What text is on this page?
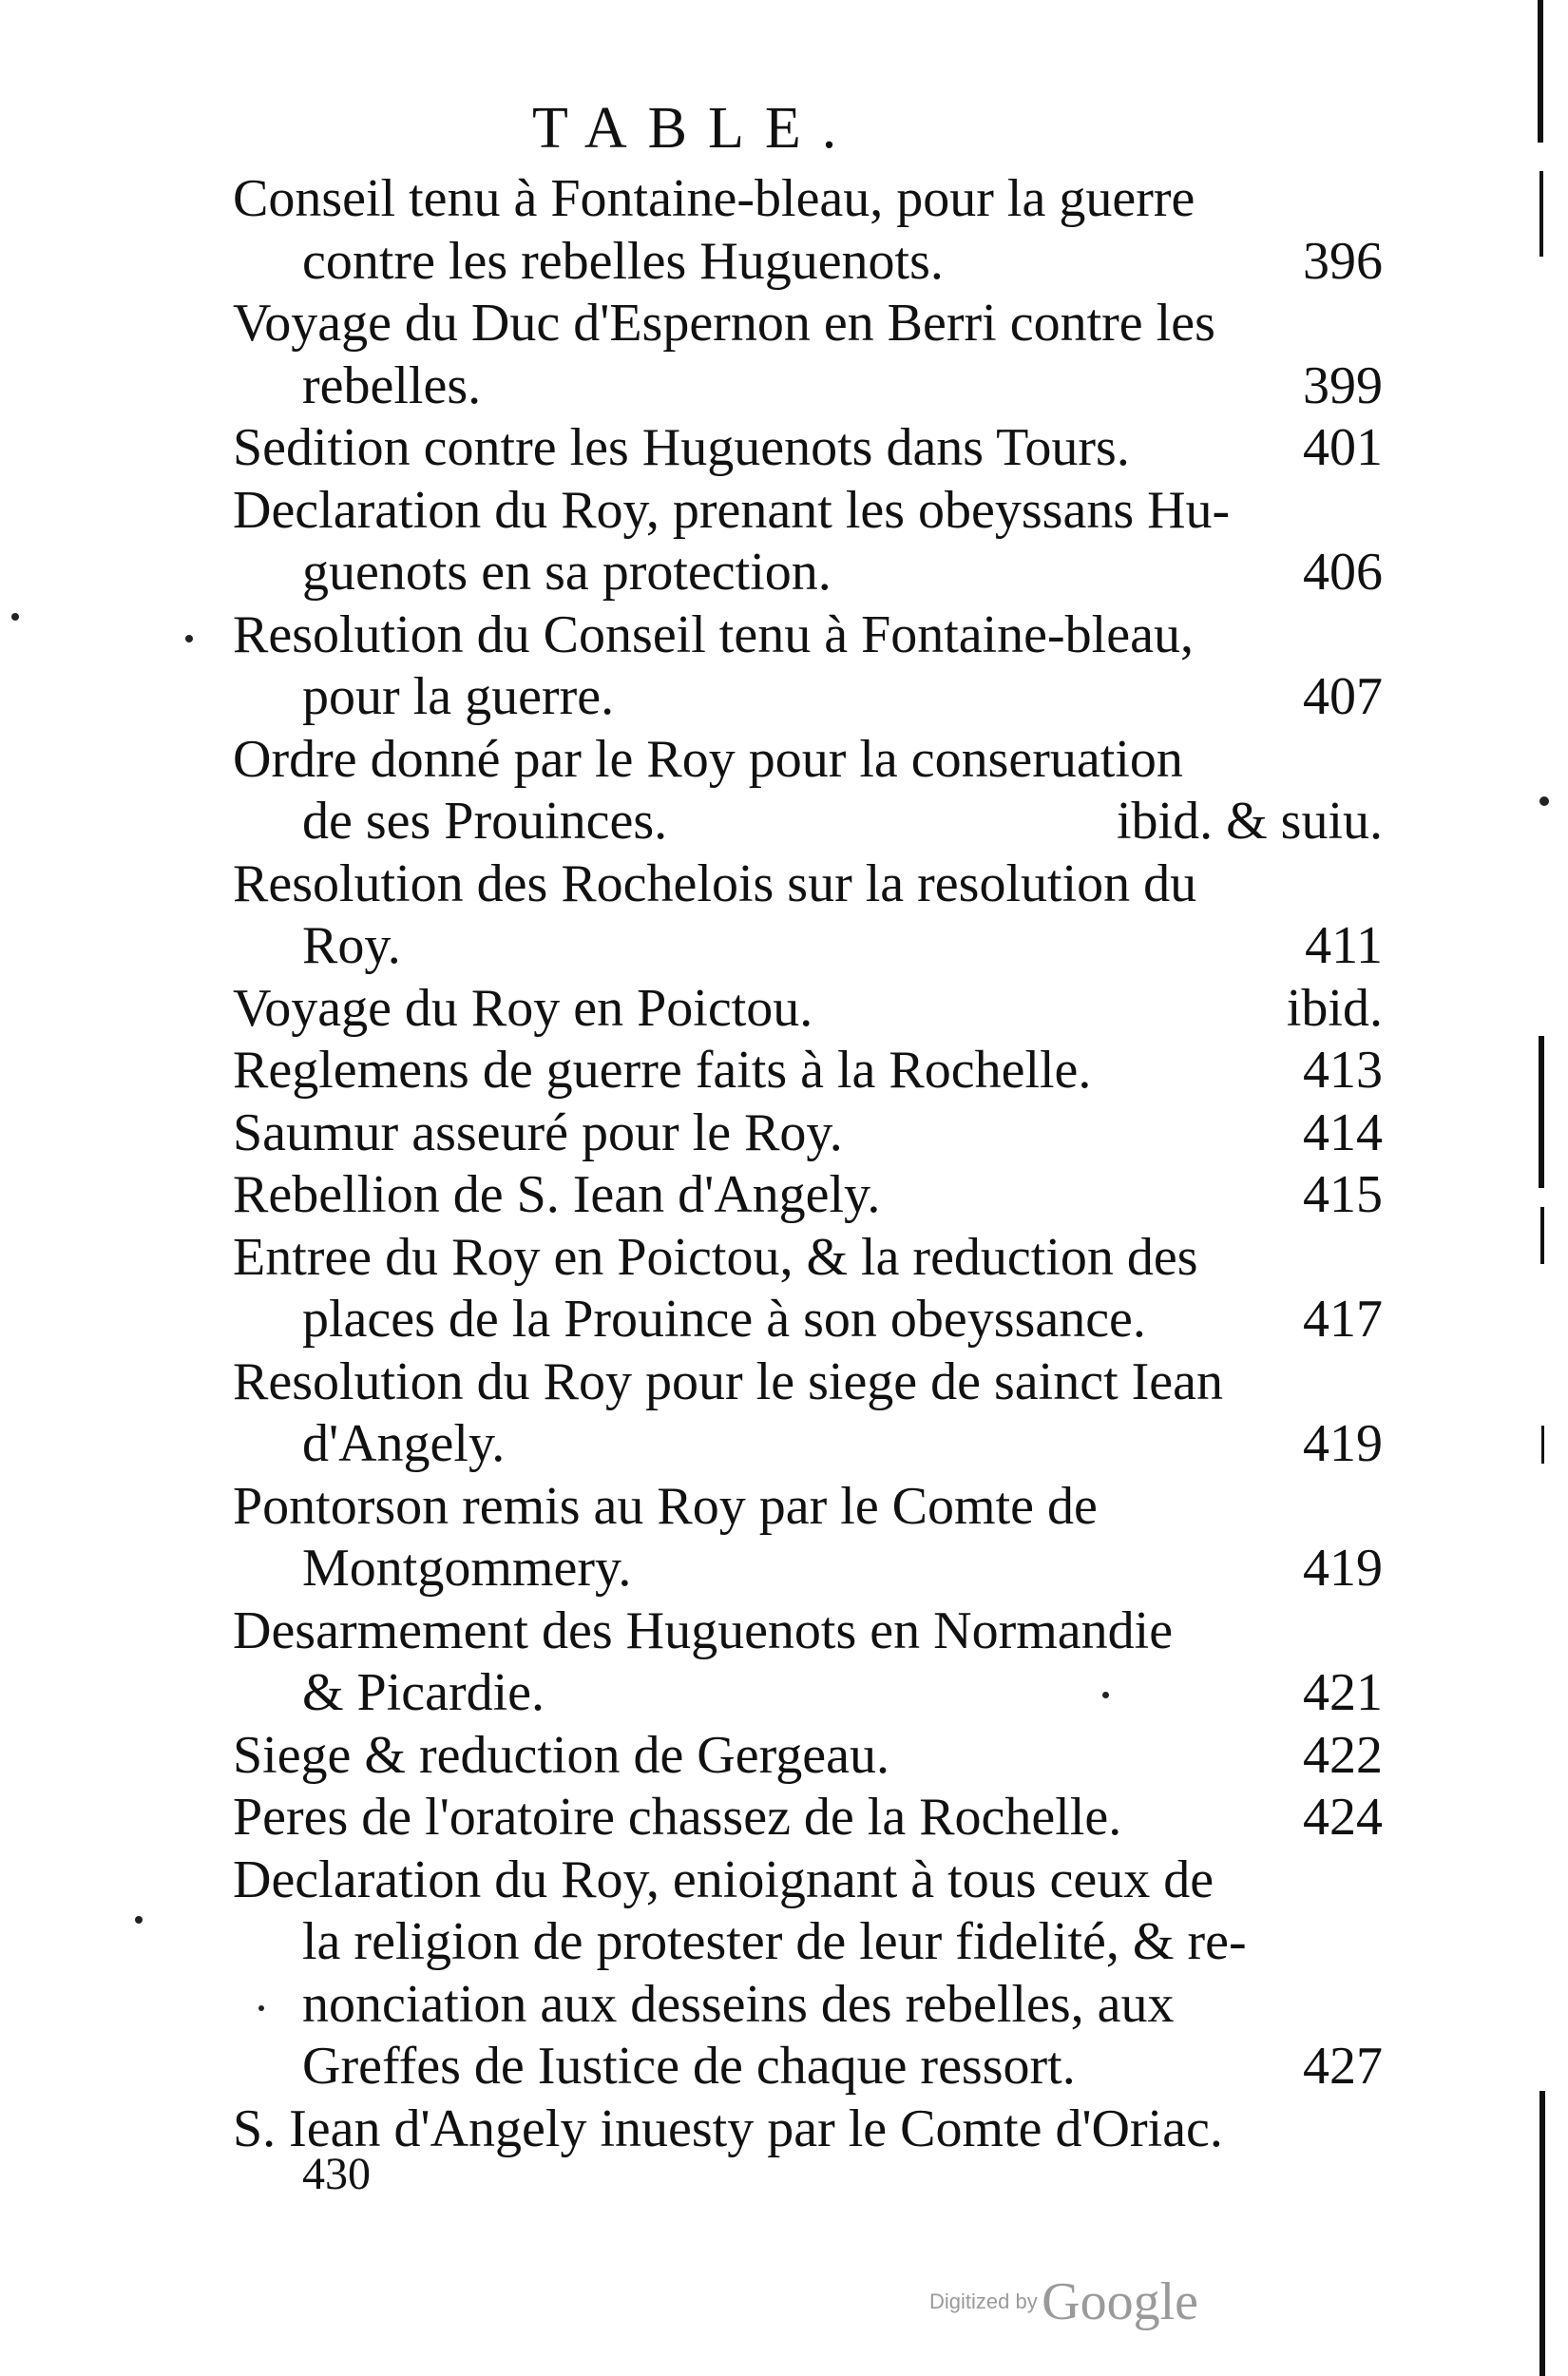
TABLE.
Conseil tenu à Fontaine-bleau, pour la guerre
contre les rebelles Huguenots.	396
Voyage du Duc d'Espernon en Berri contre les
rebelles.	399
Sedition contre les Huguenots dans Tours.	401
Declaration du Roy, prenant les obeyssans Hu-
guenots en sa protection.	406
Resolution du Conseil tenu à Fontaine-bleau,
pour la guerre.	407
Ordre donné par le Roy pour la conseruation
de ses Prouinces.	ibid. & suiu.
Resolution des Rochelois sur la resolution du
Roy.	411
Voyage du Roy en Poictou.	ibid.
Reglemens de guerre faits à la Rochelle.	413
Saumur asseuré pour le Roy.	414
Rebellion de S. Iean d'Angely.	415
Entree du Roy en Poictou, & la reduction des
places de la Prouince à son obeyssance.	417
Resolution du Roy pour le siege de sainct Iean
d'Angely.	419
Pontorson remis au Roy par le Comte de
Montgommery.	419
Desarmement des Huguenots en Normandie
& Picardie.	421
Siege & reduction de Gergeau.	422
Peres de l'oratoire chassez de la Rochelle.	424
Declaration du Roy, enioignant à tous ceux de
la religion de protester de leur fidelité, & re-
nonciation aux desseins des rebelles, aux
Greffes de Iustice de chaque ressort.	427
S. Iean d'Angely inuesty par le Comte d'Oriac.
430
Digitized by Google
